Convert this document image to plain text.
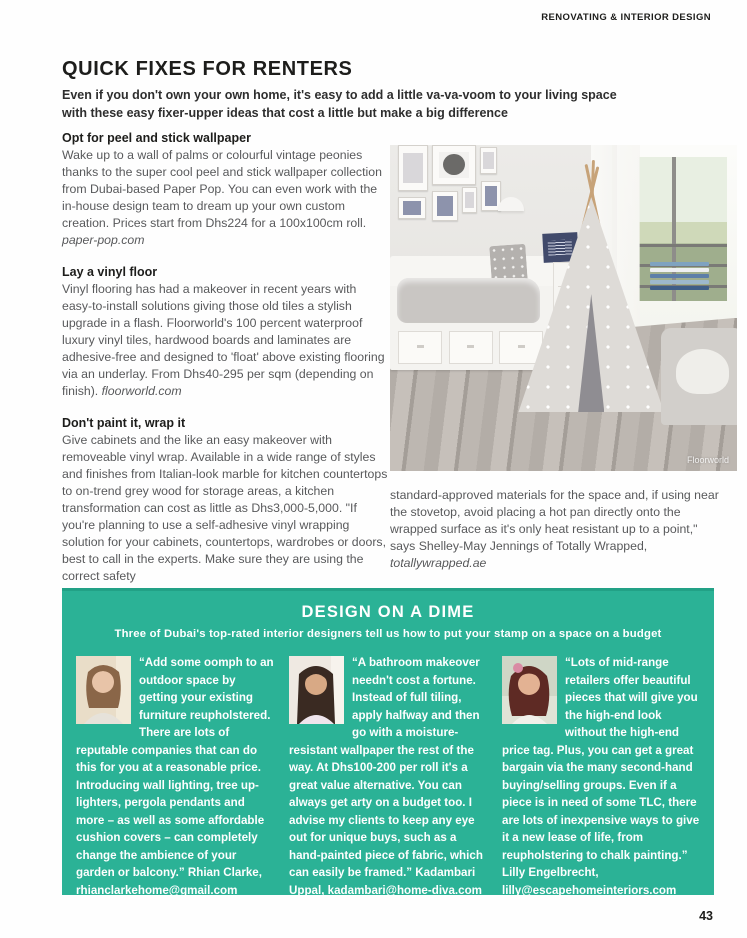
RENOVATING & INTERIOR DESIGN
QUICK FIXES FOR RENTERS

Even if you don't own your own home, it's easy to add a little va-va-voom to your living space with these easy fixer-upper ideas that cost a little but make a big difference

Opt for peel and stick wallpaper

Wake up to a wall of palms or colourful vintage peonies thanks to the super cool peel and stick wallpaper collection from Dubai-based Paper Pop. You can even work with the in-house design team to dream up your own custom creation. Prices start from Dhs224 for a 100x100cm roll. paper-pop.com

Lay a vinyl floor

Vinyl flooring has had a makeover in recent years with easy-to-install solutions giving those old tiles a stylish upgrade in a flash. Floorworld's 100 percent waterproof luxury vinyl tiles, hardwood boards and laminates are adhesive-free and designed to 'float' above existing flooring via an underlay. From Dhs40-295 per sqm (depending on finish). floorworld.com

Don't paint it, wrap it

Give cabinets and the like an easy makeover with removeable vinyl wrap. Available in a wide range of styles and finishes from Italian-look marble for kitchen countertops to on-trend grey wood for storage areas, a kitchen transformation can cost as little as Dhs3,000-5,000. "If you're planning to use a self-adhesive vinyl wrapping solution for your cabinets, countertops, wardrobes or doors, best to call in the experts. Make sure they are using the correct safety

Floorworld

standard-approved materials for the space and, if using near the stovetop, avoid placing a hot pan directly onto the wrapped surface as it's only heat resistant up to a point," says Shelley-May Jennings of Totally Wrapped, totallywrapped.ae

DESIGN ON A DIME
Three of Dubai's top-rated interior designers tell us how to put your stamp on a space on a budget

“Add some oomph to an outdoor space by getting your existing furniture reupholstered. There are lots of reputable companies that can do this for you at a reasonable price. Introducing wall lighting, tree up-lighters, pergola pendants and more – as well as some affordable cushion covers – can completely change the ambience of your garden or balcony.” Rhian Clarke, rhianclarkehome@gmail.com

“A bathroom makeover needn't cost a fortune. Instead of full tiling, apply halfway and then go with a moisture-resistant wallpaper the rest of the way. At Dhs100-200 per roll it's a great value alternative. You can always get arty on a budget too. I advise my clients to keep any eye out for unique buys, such as a hand-painted piece of fabric, which can easily be framed.” Kadambari Uppal, kadambari@home-diva.com

“Lots of mid-range retailers offer beautiful pieces that will give you the high-end look without the high-end price tag. Plus, you can get a great bargain via the many second-hand buying/selling groups. Even if a piece is in need of some TLC, there are lots of inexpensive ways to give it a new lease of life, from reupholstering to chalk painting.” Lilly Engelbrecht, lilly@escapehomeinteriors.com

43
